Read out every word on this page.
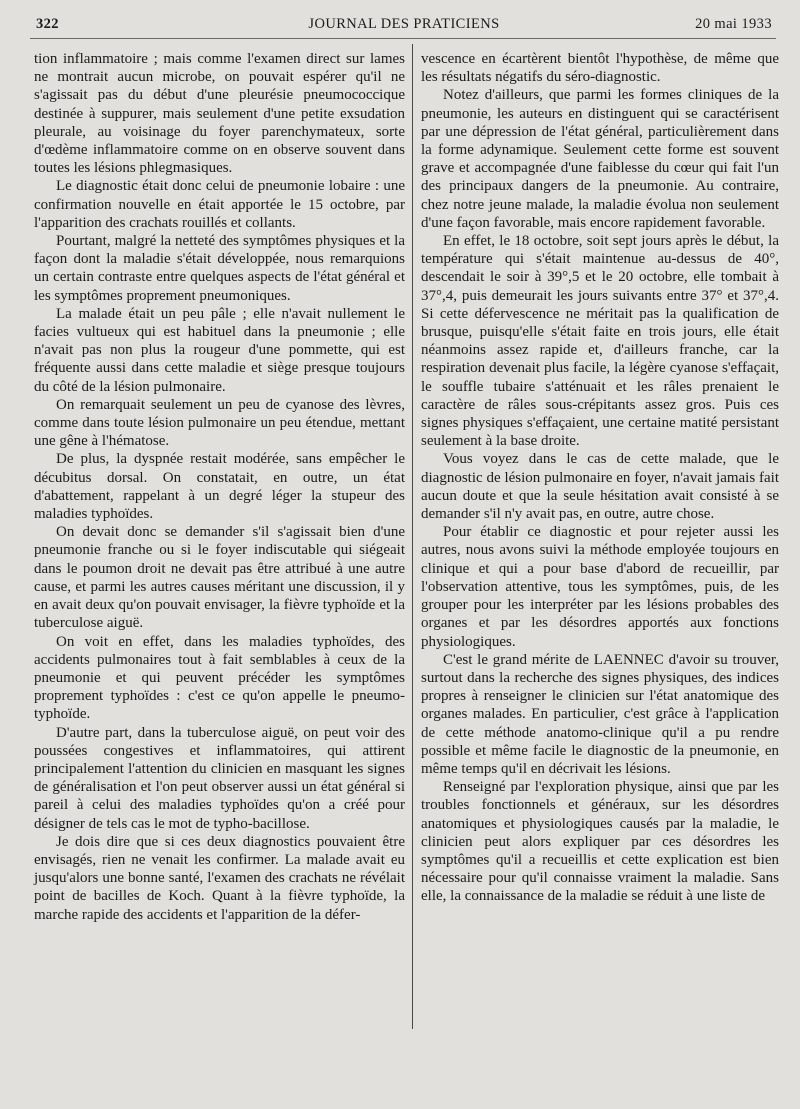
322	JOURNAL DES PRATICIENS	20 mai 1933

tion inflammatoire ; mais comme l'examen direct sur lames ne montrait aucun microbe, on pouvait espérer qu'il ne s'agissait pas du début d'une pleurésie pneumococcique destinée à suppurer, mais seulement d'une petite exsudation pleurale, au voisinage du foyer parenchymateux, sorte d'œdème inflammatoire comme on en observe souvent dans toutes les lésions phlegmasiques.

Le diagnostic était donc celui de pneumonie lobaire : une confirmation nouvelle en était apportée le 15 octobre, par l'apparition des crachats rouillés et collants.

Pourtant, malgré la netteté des symptômes physiques et la façon dont la maladie s'était développée, nous remarquions un certain contraste entre quelques aspects de l'état général et les symptômes proprement pneumoniques.

La malade était un peu pâle ; elle n'avait nullement le facies vultueux qui est habituel dans la pneumonie ; elle n'avait pas non plus la rougeur d'une pommette, qui est fréquente aussi dans cette maladie et siège presque toujours du côté de la lésion pulmonaire.

On remarquait seulement un peu de cyanose des lèvres, comme dans toute lésion pulmonaire un peu étendue, mettant une gêne à l'hématose.

De plus, la dyspnée restait modérée, sans empêcher le décubitus dorsal. On constatait, en outre, un état d'abattement, rappelant à un degré léger la stupeur des maladies typhoïdes.

On devait donc se demander s'il s'agissait bien d'une pneumonie franche ou si le foyer indiscutable qui siégeait dans le poumon droit ne devait pas être attribué à une autre cause, et parmi les autres causes méritant une discussion, il y en avait deux qu'on pouvait envisager, la fièvre typhoïde et la tuberculose aiguë.

On voit en effet, dans les maladies typhoïdes, des accidents pulmonaires tout à fait semblables à ceux de la pneumonie et qui peuvent précéder les symptômes proprement typhoïdes : c'est ce qu'on appelle le pneumo-typhoïde.

D'autre part, dans la tuberculose aiguë, on peut voir des poussées congestives et inflammatoires, qui attirent principalement l'attention du clinicien en masquant les signes de généralisation et l'on peut observer aussi un état général si pareil à celui des maladies typhoïdes qu'on a créé pour désigner de tels cas le mot de typho-bacillose.

Je dois dire que si ces deux diagnostics pouvaient être envisagés, rien ne venait les confirmer. La malade avait eu jusqu'alors une bonne santé, l'examen des crachats ne révélait point de bacilles de Koch. Quant à la fièvre typhoïde, la marche rapide des accidents et l'apparition de la défer-

vescence en écartèrent bientôt l'hypothèse, de même que les résultats négatifs du séro-diagnostic.

Notez d'ailleurs, que parmi les formes cliniques de la pneumonie, les auteurs en distinguent qui se caractérisent par une dépression de l'état général, particulièrement dans la forme adynamique. Seulement cette forme est souvent grave et accompagnée d'une faiblesse du cœur qui fait l'un des principaux dangers de la pneumonie. Au contraire, chez notre jeune malade, la maladie évolua non seulement d'une façon favorable, mais encore rapidement favorable.

En effet, le 18 octobre, soit sept jours après le début, la température qui s'était maintenue au-dessus de 40°, descendait le soir à 39°,5 et le 20 octobre, elle tombait à 37°,4, puis demeurait les jours suivants entre 37° et 37°,4. Si cette défervescence ne méritait pas la qualification de brusque, puisqu'elle s'était faite en trois jours, elle était néanmoins assez rapide et, d'ailleurs franche, car la respiration devenait plus facile, la légère cyanose s'effaçait, le souffle tubaire s'atténuait et les râles prenaient le caractère de râles sous-crépitants assez gros. Puis ces signes physiques s'effaçaient, une certaine matité persistant seulement à la base droite.

Vous voyez dans le cas de cette malade, que le diagnostic de lésion pulmonaire en foyer, n'avait jamais fait aucun doute et que la seule hésitation avait consisté à se demander s'il n'y avait pas, en outre, autre chose.

Pour établir ce diagnostic et pour rejeter aussi les autres, nous avons suivi la méthode employée toujours en clinique et qui a pour base d'abord de recueillir, par l'observation attentive, tous les symptômes, puis, de les grouper pour les interpréter par les lésions probables des organes et par les désordres apportés aux fonctions physiologiques.

C'est le grand mérite de LAENNEC d'avoir su trouver, surtout dans la recherche des signes physiques, des indices propres à renseigner le clinicien sur l'état anatomique des organes malades. En particulier, c'est grâce à l'application de cette méthode anatomo-clinique qu'il a pu rendre possible et même facile le diagnostic de la pneumonie, en même temps qu'il en décrivait les lésions.

Renseigné par l'exploration physique, ainsi que par les troubles fonctionnels et généraux, sur les désordres anatomiques et physiologiques causés par la maladie, le clinicien peut alors expliquer par ces désordres les symptômes qu'il a recueillis et cette explication est bien nécessaire pour qu'il connaisse vraiment la maladie. Sans elle, la connaissance de la maladie se réduit à une liste de
